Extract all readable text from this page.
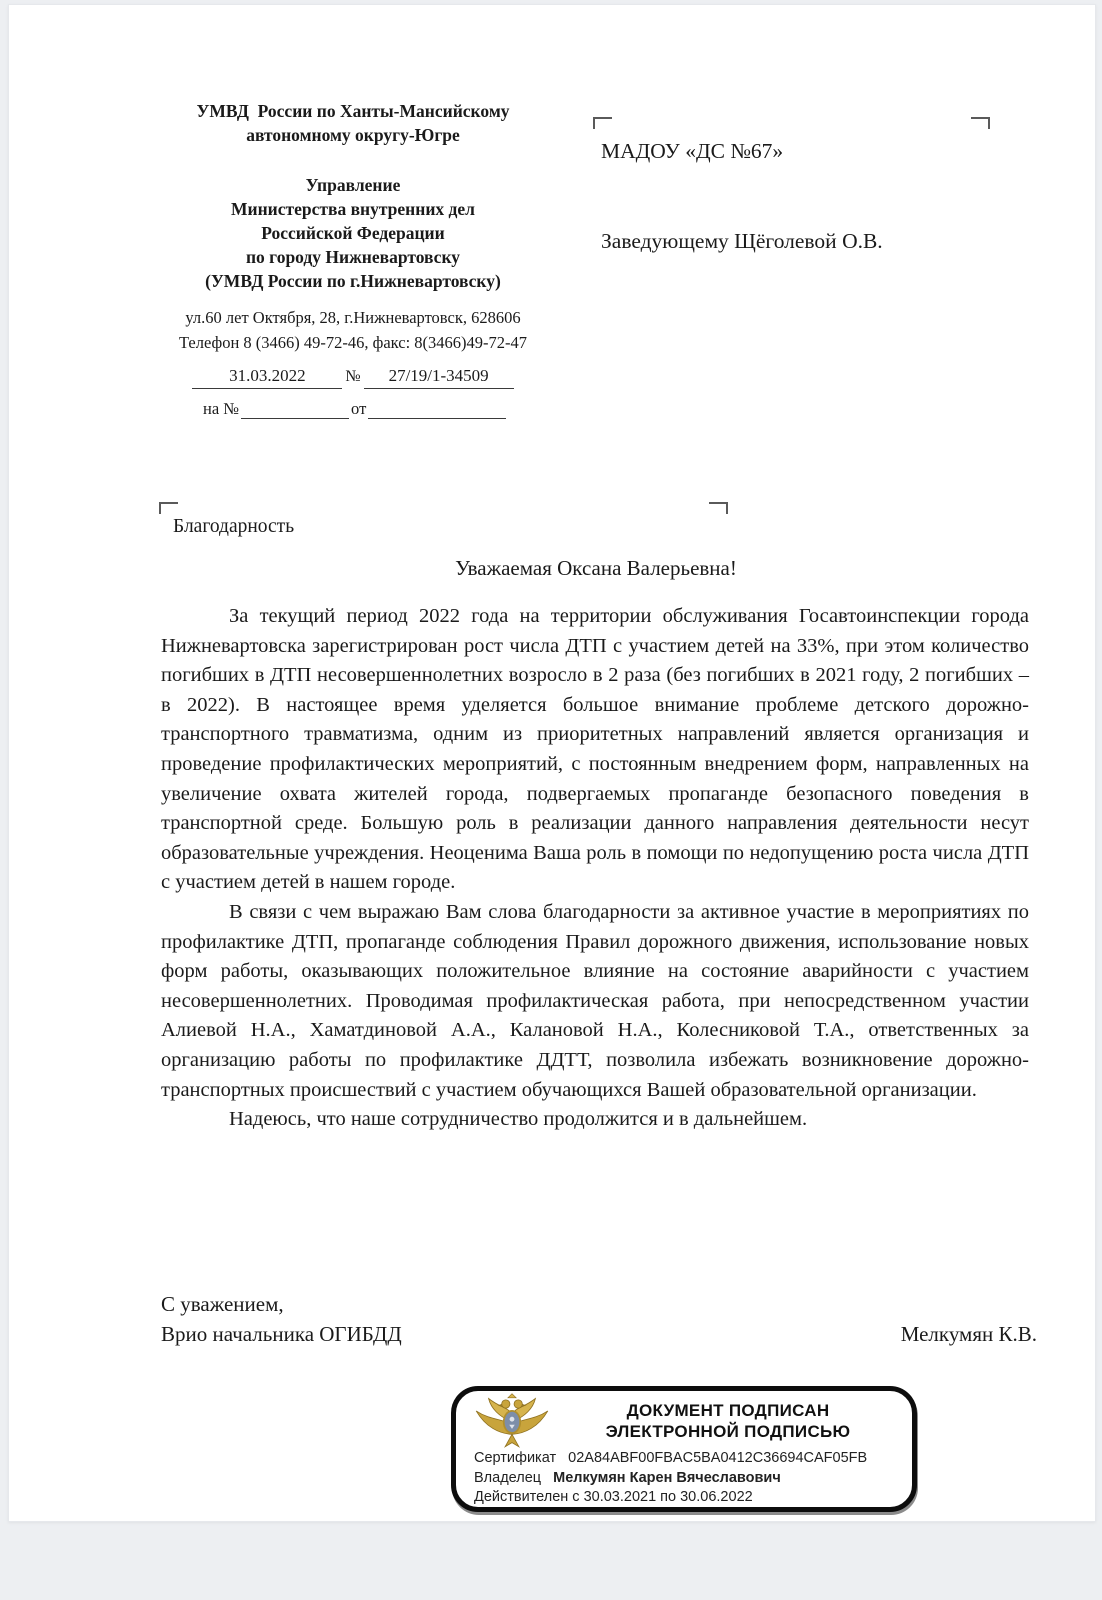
УМВД  России по Ханты-Мансийскому
автономному округу-Югре
Управление
Министерства внутренних дел
Российской Федерации
по городу Нижневартовску
(УМВД России по г.Нижневартовску)
ул.60 лет Октября, 28, г.Нижневартовск, 628606
Телефон 8 (3466) 49-72-46, факс: 8(3466)49-72-47
31.03.2022	№	27/19/1-34509
на №	от
МАДОУ «ДС №67»
Заведующему Щёголевой О.В.
Благодарность
Уважаемая Оксана Валерьевна!

За текущий период 2022 года на территории обслуживания Госавтоинспекции города Нижневартовска зарегистрирован рост числа ДТП с участием детей на 33%, при этом количество погибших в ДТП несовершеннолетних возросло в 2 раза (без погибших в 2021 году, 2 погибших – в 2022). В настоящее время уделяется большое внимание проблеме детского дорожно-транспортного травматизма, одним из приоритетных направлений является организация и проведение профилактических мероприятий, с постоянным внедрением форм, направленных на увеличение охвата жителей города, подвергаемых пропаганде безопасного поведения в транспортной среде. Большую роль в реализации данного направления деятельности несут образовательные учреждения. Неоценима Ваша роль в помощи по недопущению роста числа ДТП с участием детей в нашем городе.

В связи с чем выражаю Вам слова благодарности за активное участие в мероприятиях по профилактике ДТП, пропаганде соблюдения Правил дорожного движения, использование новых форм работы, оказывающих положительное влияние на состояние аварийности с участием несовершеннолетних. Проводимая профилактическая работа, при непосредственном участии Алиевой Н.А., Хаматдиновой А.А., Калановой Н.А., Колесниковой Т.А., ответственных за организацию работы по профилактике ДДТТ, позволила избежать возникновение дорожно-транспортных происшествий с участием обучающихся Вашей образовательной организации.

Надеюсь, что наше сотрудничество продолжится и в дальнейшем.

С уважением,
Врио начальника ОГИБДД	Мелкумян К.В.
ДОКУМЕНТ ПОДПИСАН
ЭЛЕКТРОННОЙ ПОДПИСЬЮ
Сертификат 02A84ABF00FBAC5BA0412C36694CAF05FB
Владелец Мелкумян Карен Вячеславович
Действителен с 30.03.2021 по 30.06.2022
